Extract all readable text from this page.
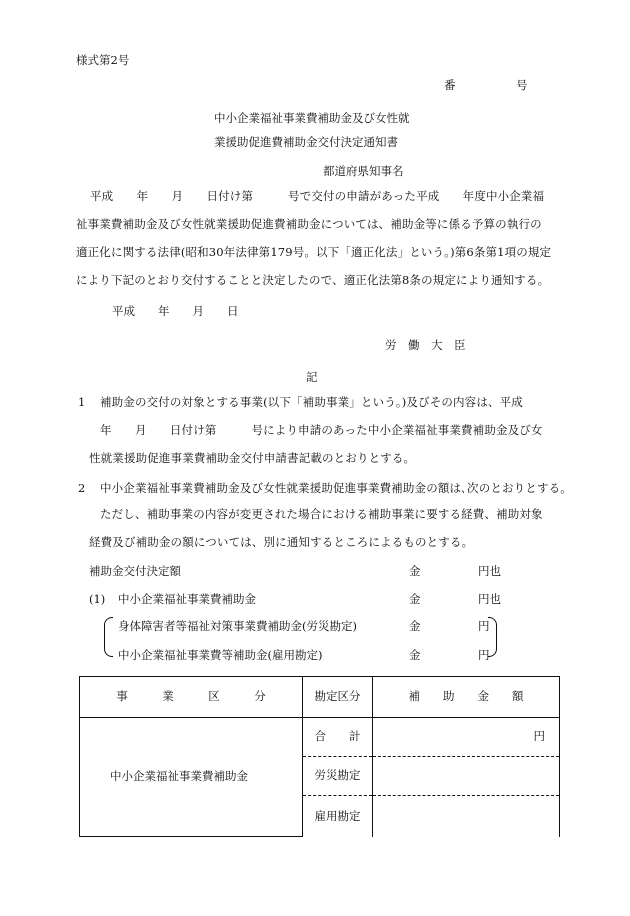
様式第2号
番	号
中小企業福祉事業費補助金及び女性就
業援助促進費補助金交付決定通知書
都道府県知事名
平成　　年　　月　　日付け第　　　号で交付の申請があった平成　　年度中小企業福
祉事業費補助金及び女性就業援助促進費補助金については、補助金等に係る予算の執行の
適正化に関する法律(昭和30年法律第179号。以下「適正化法」という。)第6条第1項の規定
により下記のとおり交付することと決定したので、適正化法第8条の規定により通知する。
平成　　年　　月　　日
労　働　大　臣
記
1 補助金の交付の対象とする事業(以下「補助事業」という。)及びその内容は、平成
年　　月　　日付け第　　　号により申請のあった中小企業福祉事業費補助金及び女
性就業援助促進事業費補助金交付申請書記載のとおりとする。
2 中小企業福祉事業費補助金及び女性就業援助促進事業費補助金の額は､次のとおりとする。
ただし、補助事業の内容が変更された場合における補助事業に要する経費、補助対象
経費及び補助金の額については、別に通知するところによるものとする。
補助金交付決定額	金	円也
(1) 中小企業福祉事業費補助金	金	円也
身体障害者等福祉対策事業費補助金(労災勘定)	金	円
中小企業福祉事業費等補助金(雇用勘定)	金	円
事　　　業　　　区　　　分	勘定区分	補　　助　　金　　額
中小企業福祉事業費補助金	合　　計	円
	労災勘定	
	雇用勘定	
